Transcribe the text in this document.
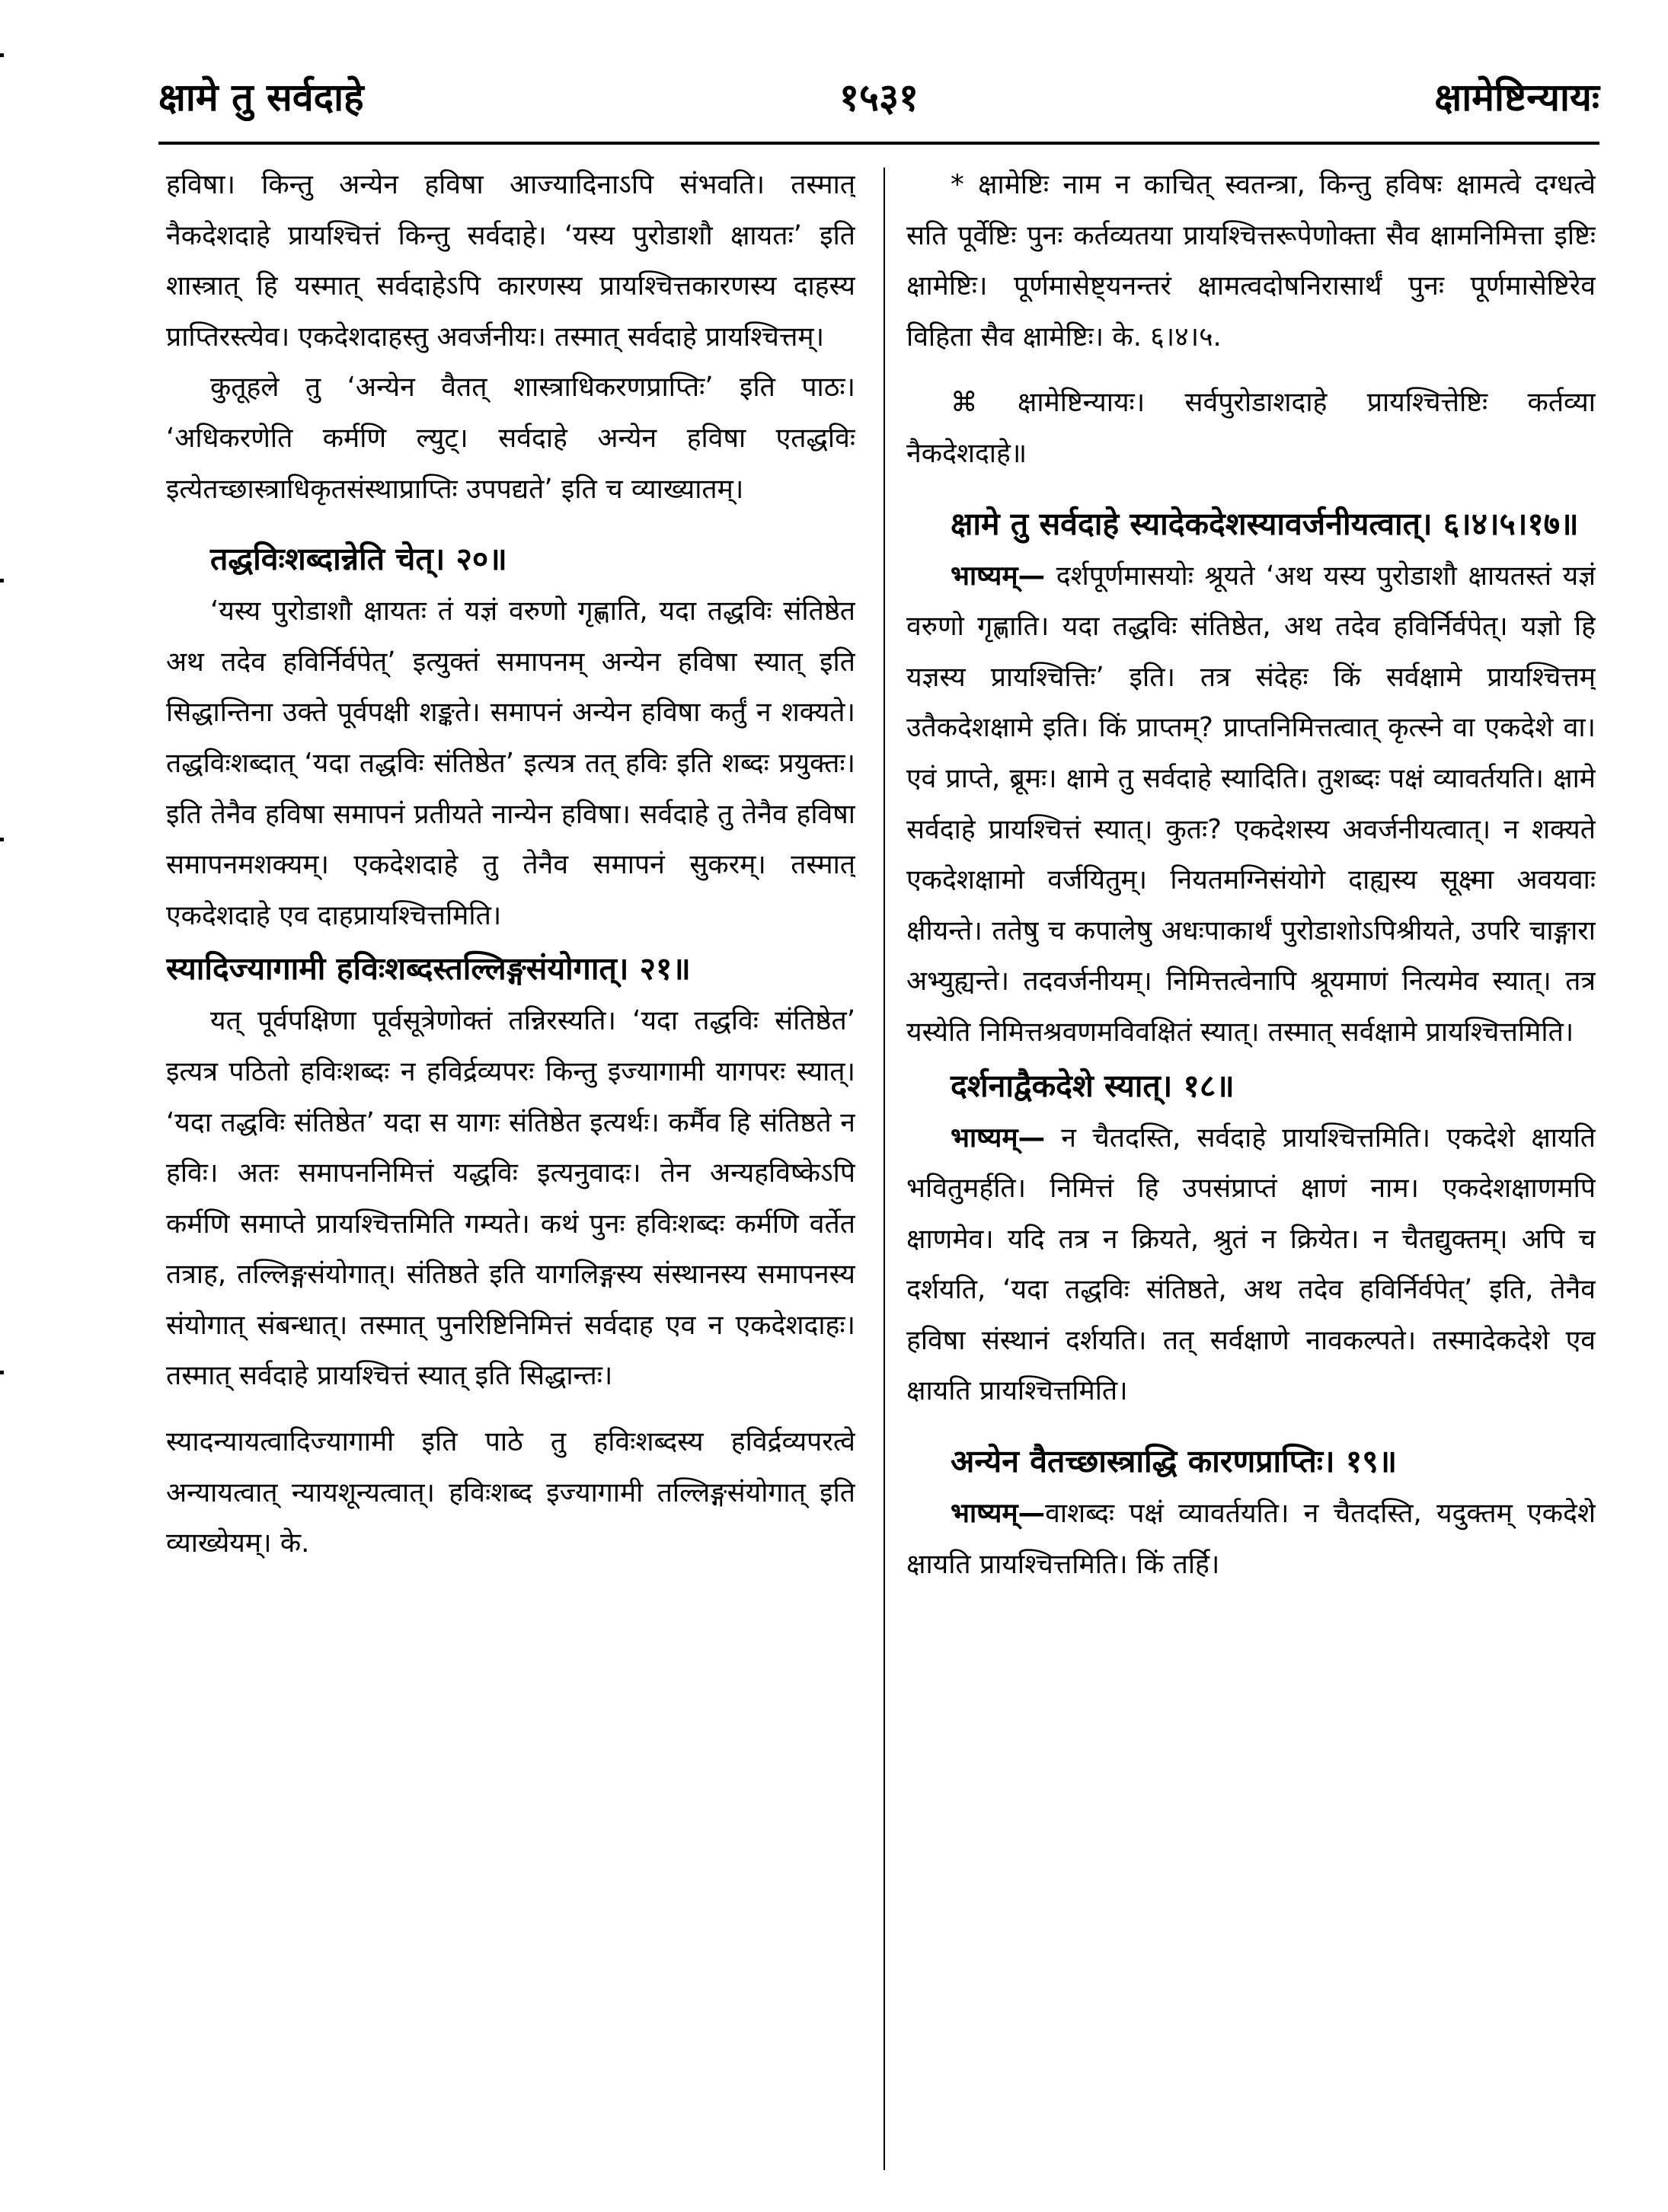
१५३१
क्षामे तु सर्वदाहे	क्षामेष्टिन्यायः

हविषा। किन्तु अन्येन हविषा आज्यादिनाऽपि संभवति। तस्मात् नैकदेशदाहे प्रायश्चित्तं किन्तु सर्वदाहे। ‘यस्य पुरोडाशौ क्षायतः’ इति शास्त्रात् हि यस्मात् सर्वदाहेऽपि कारणस्य प्रायश्चित्तकारणस्य दाहस्य प्राप्तिरस्त्येव। एकदेशदाहस्तु अवर्जनीयः। तस्मात् सर्वदाहे प्रायश्चित्तम्।

कुतूहले तु ‘अन्येन वैतत् शास्त्राधिकरणप्राप्तिः’ इति पाठः। ‘अधिकरणेति कर्मणि ल्युट्। सर्वदाहे अन्येन हविषा एतद्धविः इत्येतच्छास्त्राधिकृतसंस्थाप्राप्तिः उपपद्यते’ इति च व्याख्यातम्।

तद्धविःशब्दान्नेति चेत्। २०॥

‘यस्य पुरोडाशौ क्षायतः तं यज्ञं वरुणो गृह्णाति, यदा तद्धविः संतिष्ठेत अथ तदेव हविर्निर्वपेत्’ इत्युक्तं समापनम् अन्येन हविषा स्यात् इति सिद्धान्तिना उक्ते पूर्वपक्षी शङ्कते। समापनं अन्येन हविषा कर्तुं न शक्यते। तद्धविःशब्दात् ‘यदा तद्धविः संतिष्ठेत’ इत्यत्र तत् हविः इति शब्दः प्रयुक्तः। इति तेनैव हविषा समापनं प्रतीयते नान्येन हविषा। सर्वदाहे तु तेनैव हविषा समापनमशक्यम्। एकदेशदाहे तु तेनैव समापनं सुकरम्। तस्मात् एकदेशदाहे एव दाहप्रायश्चित्तमिति।

स्यादिज्यागामी हविःशब्दस्तल्लिङ्गसंयोगात्। २१॥

यत् पूर्वपक्षिणा पूर्वसूत्रेणोक्तं तन्निरस्यति। ‘यदा तद्धविः संतिष्ठेत’ इत्यत्र पठितो हविःशब्दः न हविर्द्रव्यपरः किन्तु इज्यागामी यागपरः स्यात्। ‘यदा तद्धविः संतिष्ठेत’ यदा स यागः संतिष्ठेत इत्यर्थः। कर्मैव हि संतिष्ठते न हविः। अतः समापननिमित्तं यद्धविः इत्यनुवादः। तेन अन्यहविष्केऽपि कर्मणि समाप्ते प्रायश्चित्तमिति गम्यते। कथं पुनः हविःशब्दः कर्मणि वर्तेत तत्राह, तल्लिङ्गसंयोगात्। संतिष्ठते इति यागलिङ्गस्य संस्थानस्य समापनस्य संयोगात् संबन्धात्। तस्मात् पुनरिष्टिनिमित्तं सर्वदाह एव न एकदेशदाहः। तस्मात् सर्वदाहे प्रायश्चित्तं स्यात् इति सिद्धान्तः।

स्यादन्यायत्वादिज्यागामी इति पाठे तु हविःशब्दस्य हविर्द्रव्यपरत्वे अन्यायत्वात् न्यायशून्यत्वात्। हविःशब्द इज्यागामी तल्लिङ्गसंयोगात् इति व्याख्येयम्। के.

* क्षामेष्टिः नाम न काचित् स्वतन्त्रा, किन्तु हविषः क्षामत्वे दग्धत्वे सति पूर्वेष्टिः पुनः कर्तव्यतया प्रायश्चित्तरूपेणोक्ता सैव क्षामनिमित्ता इष्टिः क्षामेष्टिः। पूर्णमासेष्ट्यनन्तरं क्षामत्वदोषनिरासार्थं पुनः पूर्णमासेष्टिरेव विहिता सैव क्षामेष्टिः। के. ६।४।५.

⌘ क्षामेष्टिन्यायः। सर्वपुरोडाशदाहे प्रायश्चित्तेष्टिः कर्तव्या नैकदेशदाहे॥

क्षामे तु सर्वदाहे स्यादेकदेशस्यावर्जनीयत्वात्। ६।४।५।१७॥

भाष्यम्— दर्शपूर्णमासयोः श्रूयते ‘अथ यस्य पुरोडाशौ क्षायतस्तं यज्ञं वरुणो गृह्णाति। यदा तद्धविः संतिष्ठेत, अथ तदेव हविर्निर्वपेत्। यज्ञो हि यज्ञस्य प्रायश्चित्तिः’ इति। तत्र संदेहः किं सर्वक्षामे प्रायश्चित्तम् उतैकदेशक्षामे इति। किं प्राप्तम्? प्राप्तनिमित्तत्वात् कृत्स्ने वा एकदेशे वा। एवं प्राप्ते, ब्रूमः। क्षामे तु सर्वदाहे स्यादिति। तुशब्दः पक्षं व्यावर्तयति। क्षामे सर्वदाहे प्रायश्चित्तं स्यात्। कुतः? एकदेशस्य अवर्जनीयत्वात्। न शक्यते एकदेशक्षामो वर्जयितुम्। नियतमग्निसंयोगे दाह्यस्य सूक्ष्मा अवयवाः क्षीयन्ते। ततेषु च कपालेषु अधःपाकार्थं पुरोडाशोऽपिश्रीयते, उपरि चाङ्गारा अभ्युह्यन्ते। तदवर्जनीयम्। निमित्तत्वेनापि श्रूयमाणं नित्यमेव स्यात्। तत्र यस्येति निमित्तश्रवणमविवक्षितं स्यात्। तस्मात् सर्वक्षामे प्रायश्चित्तमिति।

दर्शनाद्वैकदेशे स्यात्। १८॥

भाष्यम्— न चैतदस्ति, सर्वदाहे प्रायश्चित्तमिति। एकदेशे क्षायति भवितुमर्हति। निमित्तं हि उपसंप्राप्तं क्षाणं नाम। एकदेशक्षाणमपि क्षाणमेव। यदि तत्र न क्रियते, श्रुतं न क्रियेत। न चैतद्युक्तम्। अपि च दर्शयति, ‘यदा तद्धविः संतिष्ठते, अथ तदेव हविर्निर्वपेत्’ इति, तेनैव हविषा संस्थानं दर्शयति। तत् सर्वक्षाणे नावकल्पते। तस्मादेकदेशे एव क्षायति प्रायश्चित्तमिति।

अन्येन वैतच्छास्त्राद्धि कारणप्राप्तिः। १९॥

भाष्यम्—वाशब्दः पक्षं व्यावर्तयति। न चैतदस्ति, यदुक्तम् एकदेशे क्षायति प्रायश्चित्तमिति। किं तर्हि।
